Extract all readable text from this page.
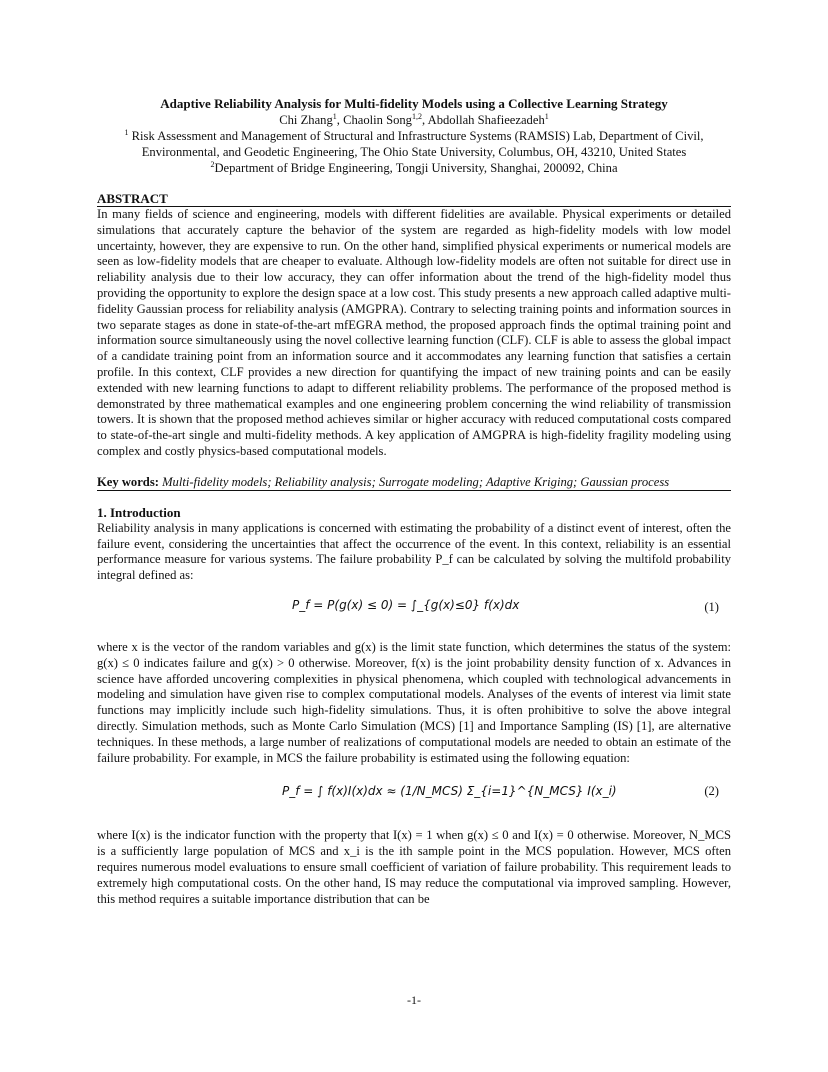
Adaptive Reliability Analysis for Multi-fidelity Models using a Collective Learning Strategy
Chi Zhang$^1$, Chaolin Song$^{1,2}$, Abdollah Shafieezadeh$^1$
$^1$ Risk Assessment and Management of Structural and Infrastructure Systems (RAMSIS) Lab, Department of Civil,
Environmental, and Geodetic Engineering, The Ohio State University, Columbus, OH, 43210, United States
$^2$Department of Bridge Engineering, Tongji University, Shanghai, 200092, China
ABSTRACT

In many fields of science and engineering, models with different fidelities are available. Physical experiments or detailed simulations that accurately capture the behavior of the system are regarded as high-fidelity models with low model uncertainty, however, they are expensive to run. On the other hand, simplified physical experiments or numerical models are seen as low-fidelity models that are cheaper to evaluate. Although low-fidelity models are often not suitable for direct use in reliability analysis due to their low accuracy, they can offer information about the trend of the high-fidelity model thus providing the opportunity to explore the design space at a low cost. This study presents a new approach called adaptive multi-fidelity Gaussian process for reliability analysis (AMGPRA). Contrary to selecting training points and information sources in two separate stages as done in state-of-the-art mfEGRA method, the proposed approach finds the optimal training point and information source simultaneously using the novel collective learning function (CLF). CLF is able to assess the global impact of a candidate training point from an information source and it accommodates any learning function that satisfies a certain profile. In this context, CLF provides a new direction for quantifying the impact of new training points and can be easily extended with new learning functions to adapt to different reliability problems. The performance of the proposed method is demonstrated by three mathematical examples and one engineering problem concerning the wind reliability of transmission towers. It is shown that the proposed method achieves similar or higher accuracy with reduced computational costs compared to state-of-the-art single and multi-fidelity methods. A key application of AMGPRA is high-fidelity fragility modeling using complex and costly physics-based computational models.

Key words: Multi-fidelity models; Reliability analysis; Surrogate modeling; Adaptive Kriging; Gaussian process
1. Introduction

Reliability analysis in many applications is concerned with estimating the probability of a distinct event of interest, often the failure event, considering the uncertainties that affect the occurrence of the event. In this context, reliability is an essential performance measure for various systems. The failure probability P_f can be calculated by solving the multifold probability integral defined as:

P_f = P(g(x) ≤ 0) = ∫_{g(x)≤0} f(x)dx	(1)

where x is the vector of the random variables and g(x) is the limit state function, which determines the status of the system: g(x) ≤ 0 indicates failure and g(x) > 0 otherwise. Moreover, f(x) is the joint probability density function of x. Advances in science have afforded uncovering complexities in physical phenomena, which coupled with technological advancements in modeling and simulation have given rise to complex computational models. Analyses of the events of interest via limit state functions may implicitly include such high-fidelity simulations. Thus, it is often prohibitive to solve the above integral directly. Simulation methods, such as Monte Carlo Simulation (MCS) [1] and Importance Sampling (IS) [1], are alternative techniques. In these methods, a large number of realizations of computational models are needed to obtain an estimate of the failure probability. For example, in MCS the failure probability is estimated using the following equation:

P_f = ∫ f(x)I(x)dx ≈ (1/N_MCS) Σ_{i=1}^{N_MCS} I(x_i)	(2)

where I(x) is the indicator function with the property that I(x) = 1 when g(x) ≤ 0 and I(x) = 0 otherwise. Moreover, N_MCS is a sufficiently large population of MCS and x_i is the ith sample point in the MCS population. However, MCS often requires numerous model evaluations to ensure small coefficient of variation of failure probability. This requirement leads to extremely high computational costs. On the other hand, IS may reduce the computational via improved sampling. However, this method requires a suitable importance distribution that can be

-1-
